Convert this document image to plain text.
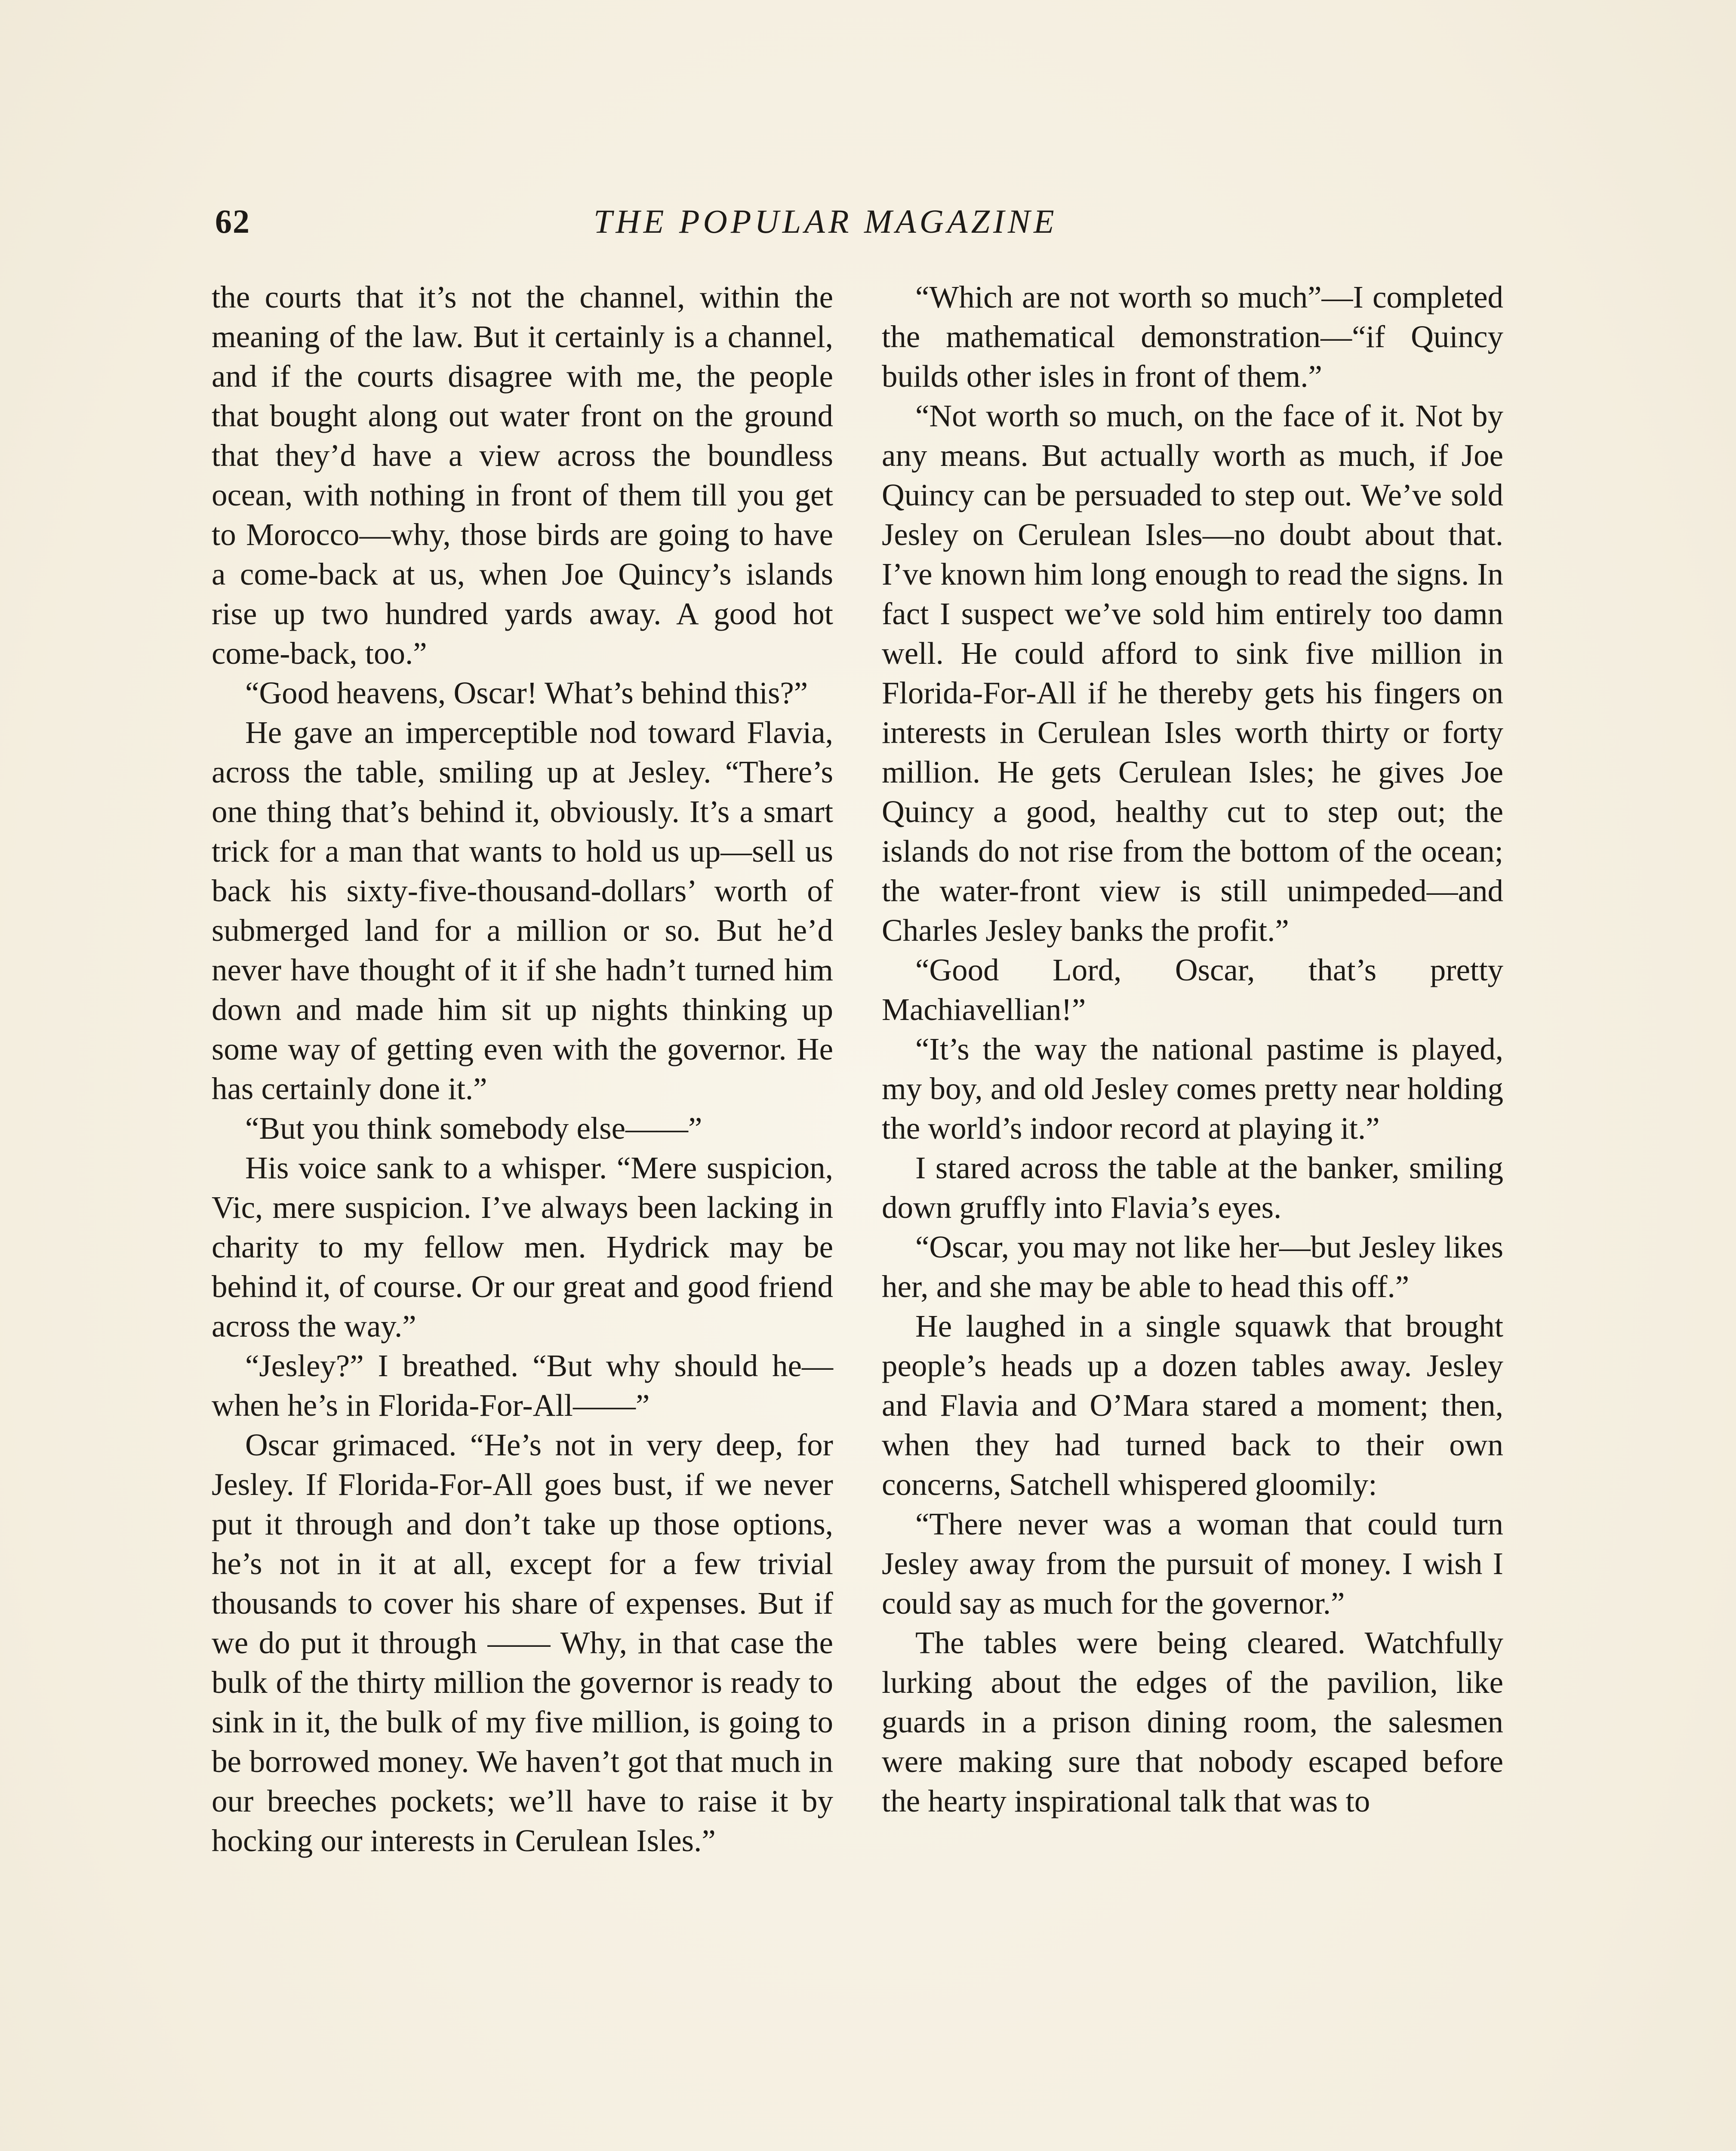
62	THE POPULAR MAGAZINE

the courts that it’s not the channel, within the meaning of the law. But it certainly is a channel, and if the courts disagree with me, the people that bought along out water front on the ground that they’d have a view across the boundless ocean, with nothing in front of them till you get to Morocco—why, those birds are going to have a come-back at us, when Joe Quincy’s islands rise up two hundred yards away. A good hot come-back, too.”

“Good heavens, Oscar! What’s behind this?”

He gave an imperceptible nod toward Flavia, across the table, smiling up at Jesley. “There’s one thing that’s behind it, obviously. It’s a smart trick for a man that wants to hold us up—sell us back his sixty-five-thousand-dollars’ worth of submerged land for a million or so. But he’d never have thought of it if she hadn’t turned him down and made him sit up nights thinking up some way of getting even with the governor. He has certainly done it.”

“But you think somebody else——”

His voice sank to a whisper. “Mere suspicion, Vic, mere suspicion. I’ve always been lacking in charity to my fellow men. Hydrick may be behind it, of course. Or our great and good friend across the way.”

“Jesley?” I breathed. “But why should he—when he’s in Florida-For-All——”

Oscar grimaced. “He’s not in very deep, for Jesley. If Florida-For-All goes bust, if we never put it through and don’t take up those options, he’s not in it at all, except for a few trivial thousands to cover his share of expenses. But if we do put it through —— Why, in that case the bulk of the thirty million the governor is ready to sink in it, the bulk of my five million, is going to be borrowed money. We haven’t got that much in our breeches pockets; we’ll have to raise it by hocking our interests in Cerulean Isles.”

“Which are not worth so much”—I completed the mathematical demonstration—“if Quincy builds other isles in front of them.”

“Not worth so much, on the face of it. Not by any means. But actually worth as much, if Joe Quincy can be persuaded to step out. We’ve sold Jesley on Cerulean Isles—no doubt about that. I’ve known him long enough to read the signs. In fact I suspect we’ve sold him entirely too damn well. He could afford to sink five million in Florida-For-All if he thereby gets his fingers on interests in Cerulean Isles worth thirty or forty million. He gets Cerulean Isles; he gives Joe Quincy a good, healthy cut to step out; the islands do not rise from the bottom of the ocean; the water-front view is still unimpeded—and Charles Jesley banks the profit.”

“Good Lord, Oscar, that’s pretty Machiavellian!”

“It’s the way the national pastime is played, my boy, and old Jesley comes pretty near holding the world’s indoor record at playing it.”

I stared across the table at the banker, smiling down gruffly into Flavia’s eyes.

“Oscar, you may not like her—but Jesley likes her, and she may be able to head this off.”

He laughed in a single squawk that brought people’s heads up a dozen tables away. Jesley and Flavia and O’Mara stared a moment; then, when they had turned back to their own concerns, Satchell whispered gloomily:

“There never was a woman that could turn Jesley away from the pursuit of money. I wish I could say as much for the governor.”

The tables were being cleared. Watchfully lurking about the edges of the pavilion, like guards in a prison dining room, the salesmen were making sure that nobody escaped before the hearty inspirational talk that was to
